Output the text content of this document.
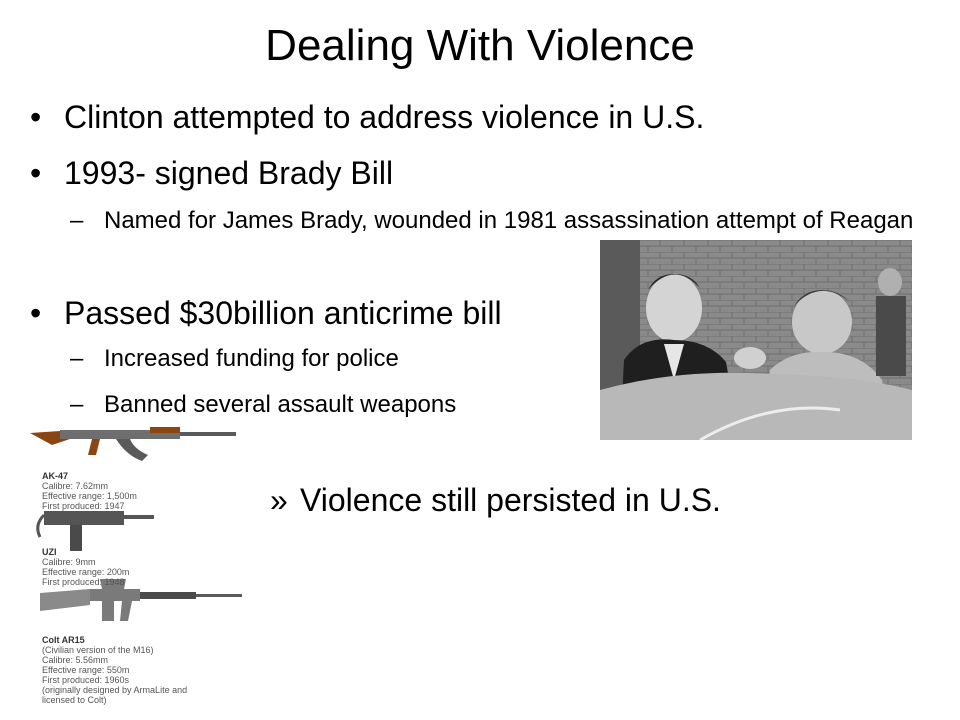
Dealing With Violence
• Clinton attempted to address violence in U.S.
• 1993- signed Brady Bill
– Named for James Brady, wounded in 1981 assassination attempt of Reagan
• Passed $30billion anticrime bill
– Increased funding for police
– Banned several assault weapons
» Violence still persisted in U.S.

AK-47
Calibre: 7.62mm
Effective range: 1,500m
First produced: 1947

UZI
Calibre: 9mm
Effective range: 200m
First produced: 1948

Colt AR15
(Civilian version of the M16)
Calibre: 5.56mm
Effective range: 550m
First produced: 1960s
(originally designed by ArmaLite and
licensed to Colt)
